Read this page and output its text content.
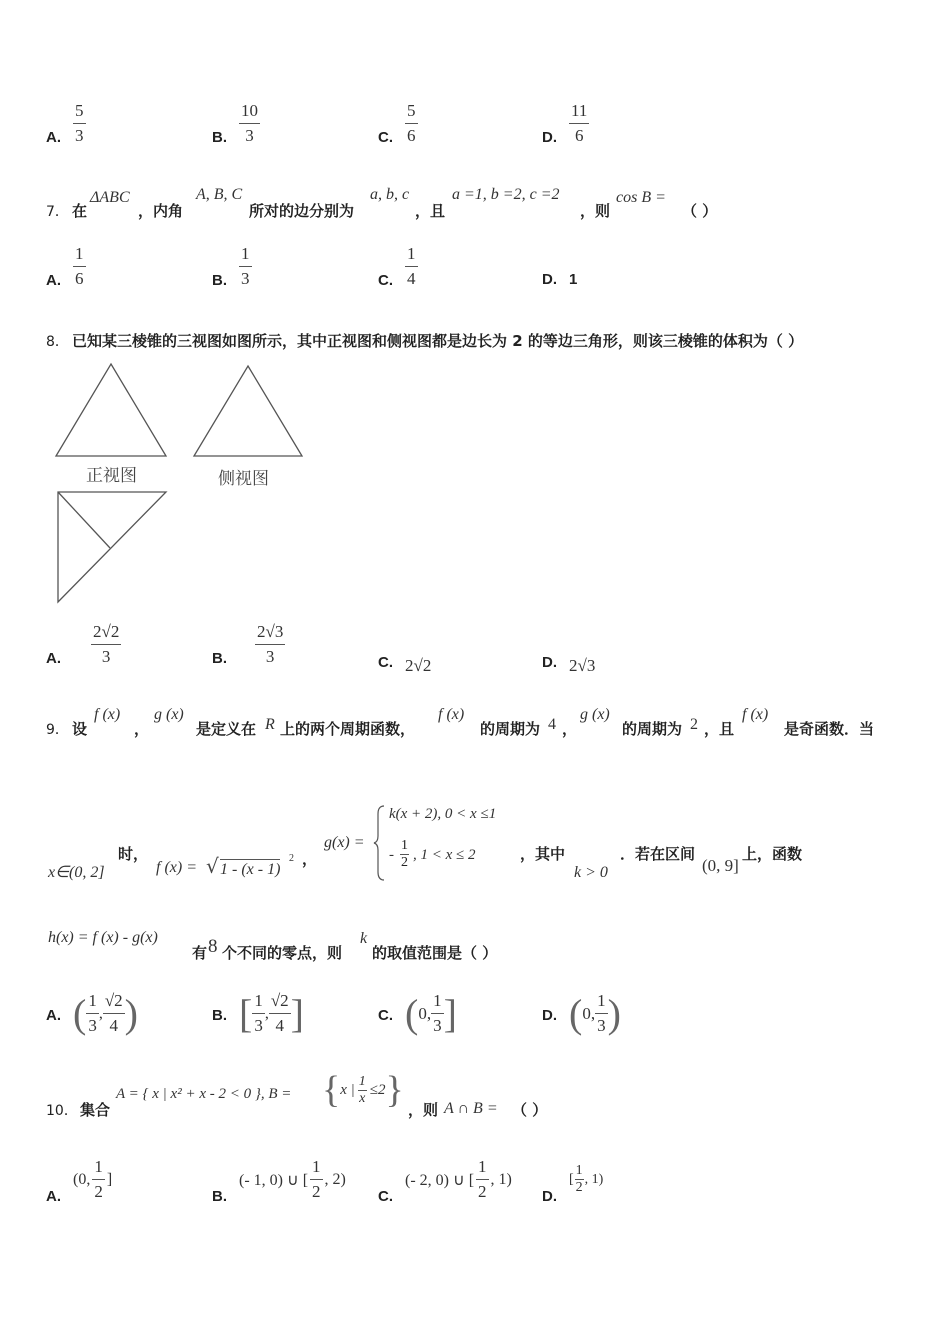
A. $\frac{5}{3}$	B. $\frac{10}{3}$	C. $\frac{5}{6}$	D. $\frac{11}{6}$
7． 在
ΔABC
，内角
A, B, C
所对的边分别为
a, b, c
，且
a =1, b =2, c =2
，则
cos B =
（ ）
A. $\frac{1}{6}$	B. $\frac{1}{3}$	C. $\frac{1}{4}$	D. 1
8． 已知某三棱锥的三视图如图所示，其中正视图和侧视图都是边长为 2 的等边三角形，则该三棱锥的体积为（ ）
正视图	侧视图
A. $\frac{2√2}{3}$	B. $\frac{2√3}{3}$	C. 2√2	D. 2√3
9． 设
f (x)
，
g (x)
是定义在 R 上的两个周期函数，
f (x)
的周期为 4 ，
g (x)
的周期为 2 ，且
f (x)
是奇函数．当
x∈(0, 2]
时，
f (x) = √ 1 - (x - 1)
2 ，
g(x) =
k(x + 2), 0 < x ≤1
-
1
2 , 1 < x ≤ 2	，其中
k > 0
．若在区间
(0, 9]
上，函数
h(x) = f (x) - g(x)
有 8 个不同的零点，则
k
的取值范围是（ ）
A. ( $\frac{1}{3}$ , $\frac{√2}{4}$ )	B. [ $\frac{1}{3}$ , $\frac{√2}{4}$ ]	C. ( 0, $\frac{1}{3}$ ]	D. ( 0, $\frac{1}{3}$ )
10． 集合
A = { x | x² + x - 2 < 0 }, B = { x | $\frac{1}{x} \le 2$ } ，则 A ∩ B = （ ）
A.
(0, $\frac{1}{2}$ ]
B.
(- 1, 0) ∪ [ $\frac{1}{2}$ , 2)
C.
(- 2, 0) ∪ [ $\frac{1}{2}$ , 1)
D.
[
1
2
, 1)
